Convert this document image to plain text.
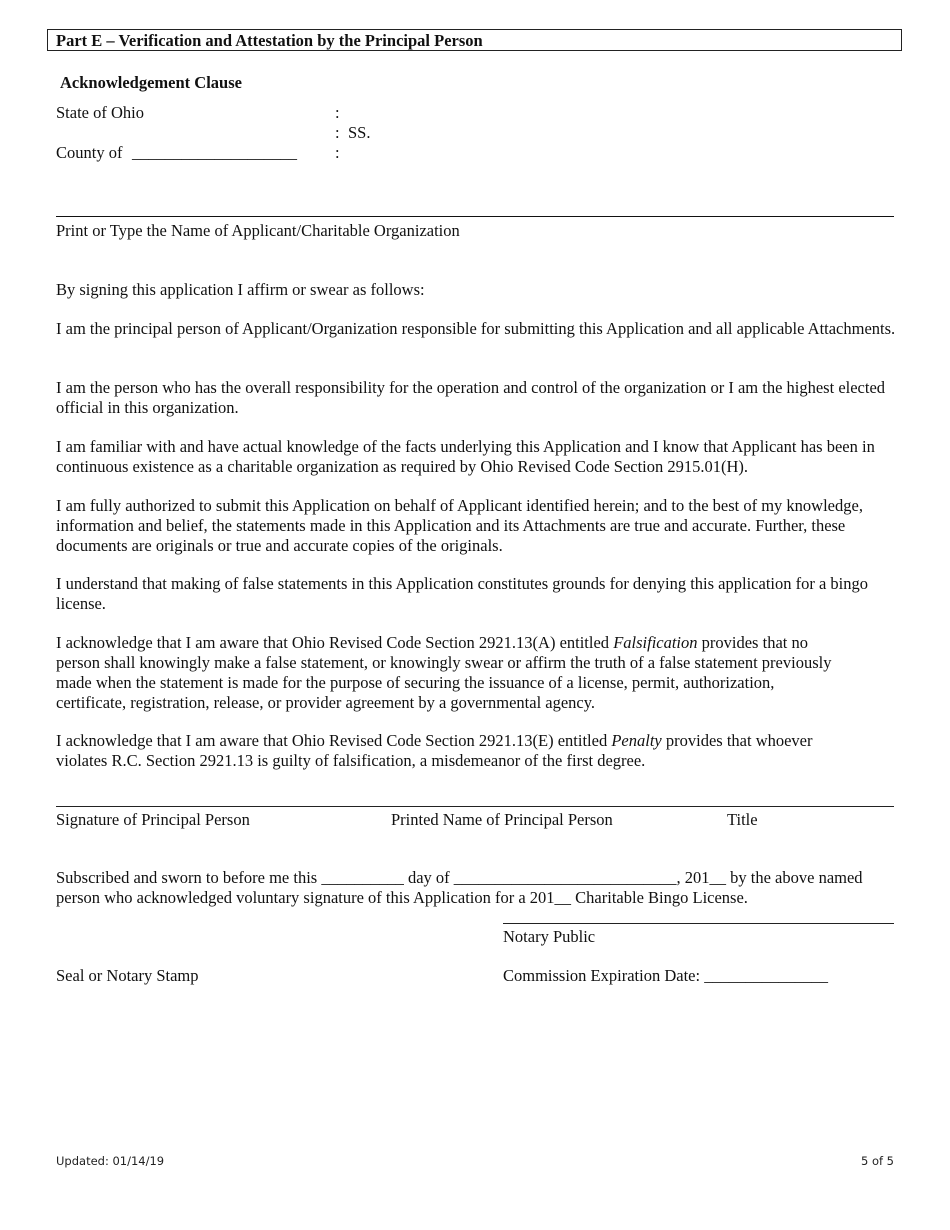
Part E – Verification and Attestation by the Principal Person
Acknowledgement Clause
State of Ohio	:
: SS.
County of ____________________ :
Print or Type the Name of Applicant/Charitable Organization
By signing this application I affirm or swear as follows:
I am the principal person of Applicant/Organization responsible for submitting this Application and all applicable Attachments.
I am the person who has the overall responsibility for the operation and control of the organization or I am the highest elected official in this organization.
I am familiar with and have actual knowledge of the facts underlying this Application and I know that Applicant has been in continuous existence as a charitable organization as required by Ohio Revised Code Section 2915.01(H).
I am fully authorized to submit this Application on behalf of Applicant identified herein; and to the best of my knowledge, information and belief, the statements made in this Application and its Attachments are true and accurate. Further, these documents are originals or true and accurate copies of the originals.
I understand that making of false statements in this Application constitutes grounds for denying this application for a bingo license.
I acknowledge that I am aware that Ohio Revised Code Section 2921.13(A) entitled Falsification provides that no person shall knowingly make a false statement, or knowingly swear or affirm the truth of a false statement previously made when the statement is made for the purpose of securing the issuance of a license, permit, authorization, certificate, registration, release, or provider agreement by a governmental agency.
I acknowledge that I am aware that Ohio Revised Code Section 2921.13(E) entitled Penalty provides that whoever violates R.C. Section 2921.13 is guilty of falsification, a misdemeanor of the first degree.
Signature of Principal Person	Printed Name of Principal Person	Title
Subscribed and sworn to before me this __________ day of ___________________________, 201__ by the above named
person who acknowledged voluntary signature of this Application for a 201__ Charitable Bingo License.
Notary Public
Seal or Notary Stamp	Commission Expiration Date: _______________
Updated: 01/14/19	5 of 5
